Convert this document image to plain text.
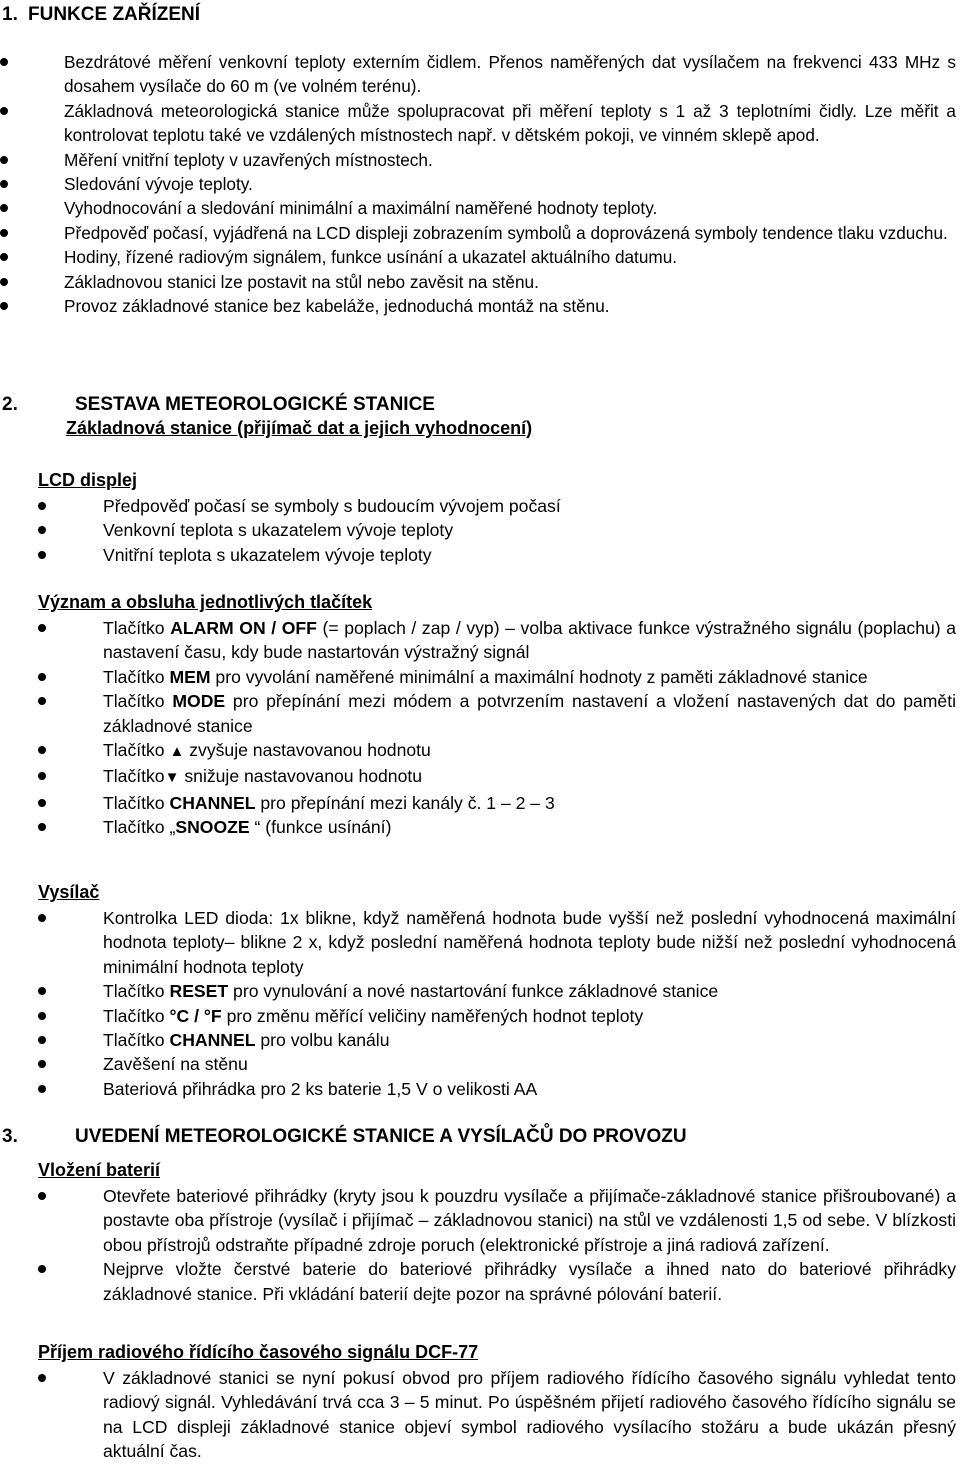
1. FUNKCE ZAŘÍZENÍ
Bezdrátové měření venkovní teploty externím čidlem. Přenos naměřených dat vysílačem na frekvenci 433 MHz s dosahem vysílače do 60 m (ve volném terénu).
Základnová meteorologická stanice může spolupracovat při měření teploty s 1 až 3 teplotními čidly. Lze měřit a kontrolovat teplotu také ve vzdálených místnostech např. v dětském pokoji, ve vinném sklepě apod.
Měření vnitřní teploty v uzavřených místnostech.
Sledování vývoje teploty.
Vyhodnocování a sledování minimální a maximální naměřené hodnoty teploty.
Předpověď počasí, vyjádřená na LCD displeji zobrazením symbolů a doprovázená symboly tendence tlaku vzduchu.
Hodiny, řízené radiovým signálem, funkce usínání a ukazatel aktuálního datumu.
Základnovou stanici lze postavit na stůl nebo zavěsit na stěnu.
Provoz základnové stanice bez kabeláže, jednoduchá montáž na stěnu.
2.	SESTAVA METEOROLOGICKÉ STANICE
Základnová stanice (přijímač dat a jejich vyhodnocení)
LCD displej
Předpověď počasí se symboly s budoucím vývojem počasí
Venkovní teplota s ukazatelem vývoje teploty
Vnitřní teplota s ukazatelem vývoje teploty
Význam a obsluha jednotlivých tlačítek
Tlačítko ALARM ON / OFF (= poplach / zap / vyp) – volba aktivace funkce výstražného signálu (poplachu) a nastavení času, kdy bude nastartován výstražný signál
Tlačítko MEM pro vyvolání naměřené minimální a maximální hodnoty z paměti základnové stanice
Tlačítko MODE pro přepínání mezi módem a potvrzením nastavení a vložení nastavených dat do paměti základnové stanice
Tlačítko ▲ zvyšuje nastavovanou hodnotu
Tlačítko▼ snižuje nastavovanou hodnotu
Tlačítko CHANNEL pro přepínání mezi kanály č. 1 – 2 – 3
Tlačítko „SNOOZE “ (funkce usínání)
Vysílač
Kontrolka LED dioda: 1x blikne, když naměřená hodnota bude vyšší než poslední vyhodnocená maximální hodnota teploty– blikne 2 x, když poslední naměřená hodnota teploty bude nižší než poslední vyhodnocená minimální hodnota teploty
Tlačítko RESET pro vynulování a nové nastartování funkce základnové stanice
Tlačítko °C / °F pro změnu měřící veličiny naměřených hodnot teploty
Tlačítko CHANNEL pro volbu kanálu
Zavěšení na stěnu
Bateriová přihrádka pro 2 ks baterie 1,5 V o velikosti AA
3.	UVEDENÍ METEOROLOGICKÉ STANICE A VYSÍLAČŮ DO PROVOZU
Vložení baterií
Otevřete bateriové přihrádky (kryty jsou k pouzdru vysílače a přijímače-základnové stanice přišroubované) a postavte oba přístroje (vysílač i přijímač – základnovou stanici) na stůl ve vzdálenosti 1,5 od sebe. V blízkosti obou přístrojů odstraňte případné zdroje poruch (elektronické přístroje a jiná radiová zařízení.
Nejprve vložte čerstvé baterie do bateriové přihrádky vysílače a ihned nato do bateriové přihrádky základnové stanice. Při vkládání baterií dejte pozor na správné pólování baterií.
Příjem radiového řídícího časového signálu DCF-77
V základnové stanici se nyní pokusí obvod pro příjem radiového řídícího časového signálu vyhledat tento radiový signál. Vyhledávání trvá cca 3 – 5 minut. Po úspěšném přijetí radiového časového řídícího signálu se na LCD displeji základnové stanice objeví symbol radiového vysílacího stožáru a bude ukázán přesný aktuální čas.
